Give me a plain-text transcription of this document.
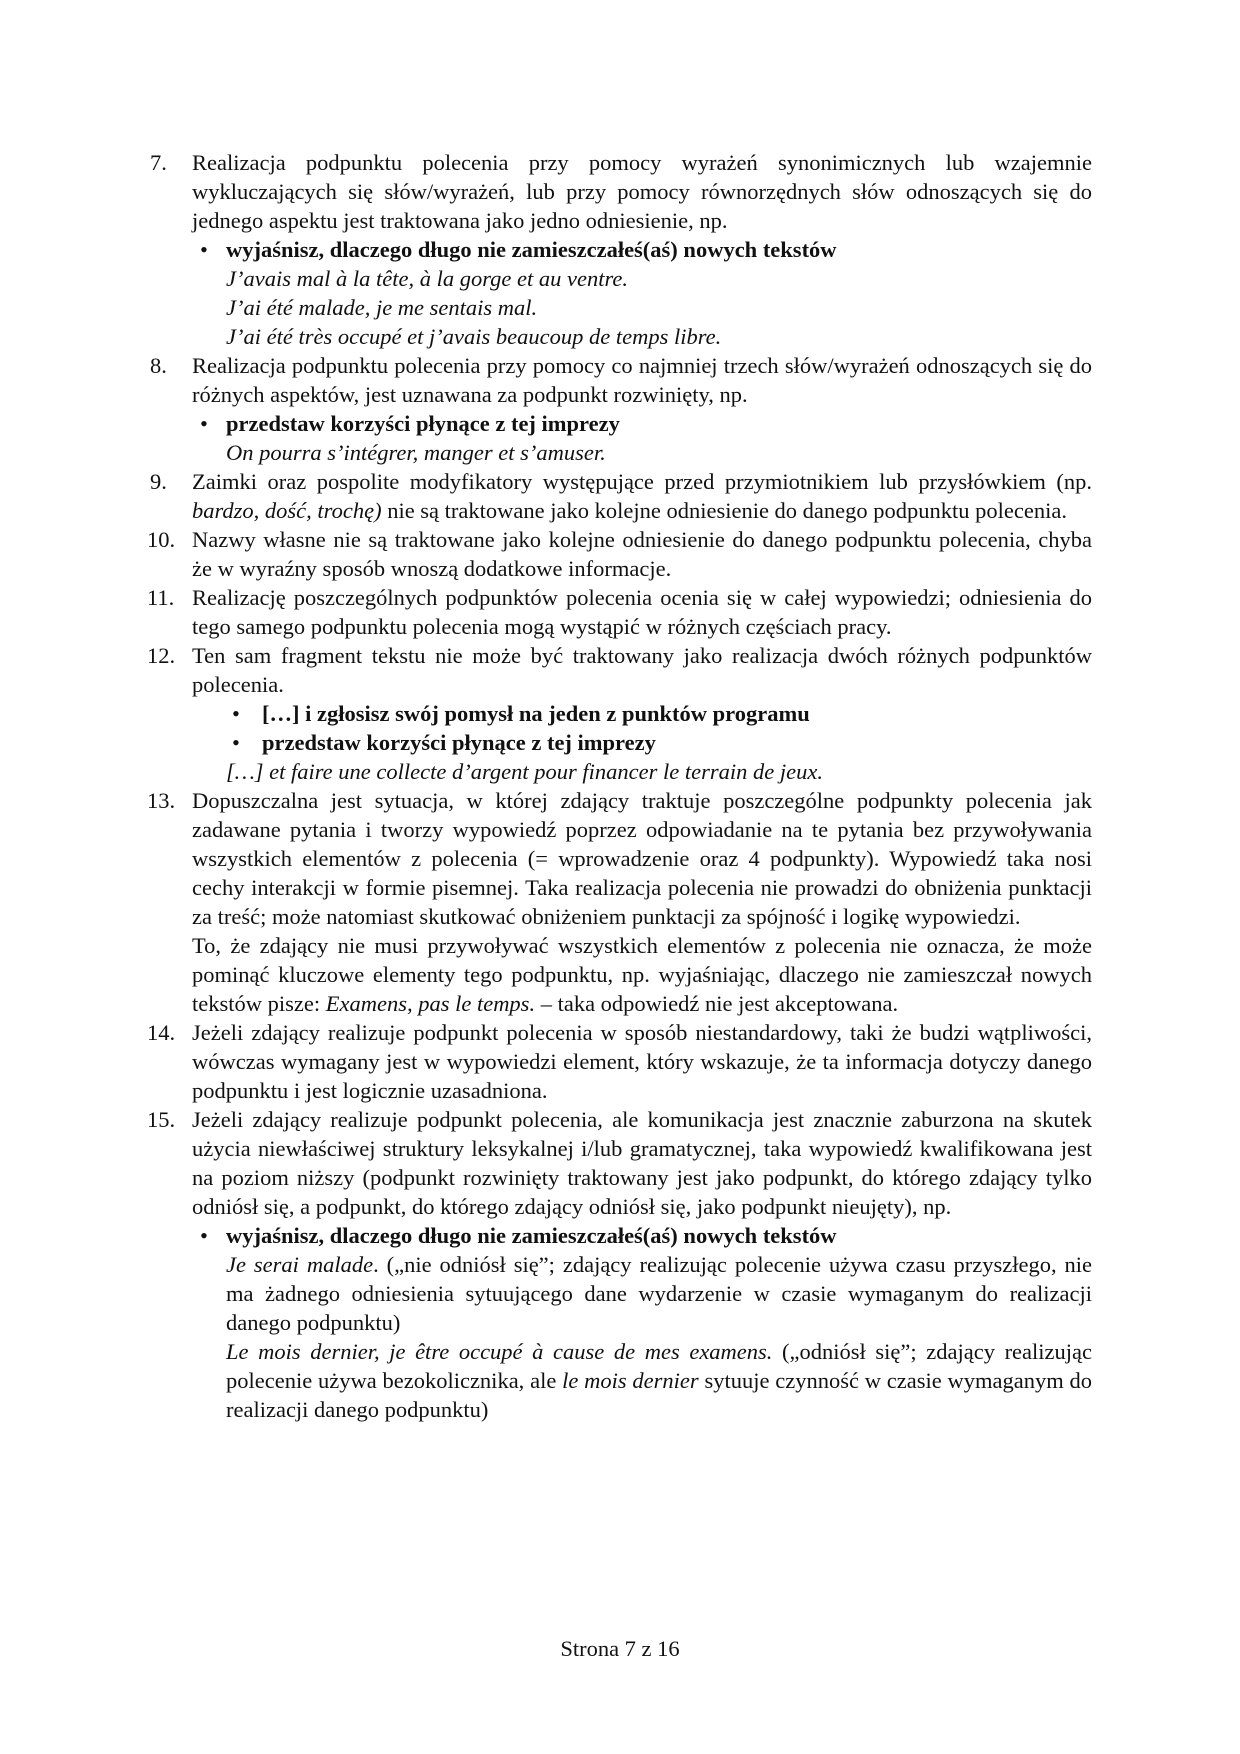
7. Realizacja podpunktu polecenia przy pomocy wyrażeń synonimicznych lub wzajemnie wykluczających się słów/wyrażeń, lub przy pomocy równorzędnych słów odnoszących się do jednego aspektu jest traktowana jako jedno odniesienie, np.
• wyjaśnisz, dlaczego długo nie zamieszczałeś(aś) nowych tekstów
J’avais mal à la tête, à la gorge et au ventre.
J’ai été malade, je me sentais mal.
J’ai été très occupé et j’avais beaucoup de temps libre.
8. Realizacja podpunktu polecenia przy pomocy co najmniej trzech słów/wyrażeń odnoszących się do różnych aspektów, jest uznawana za podpunkt rozwinięty, np.
• przedstaw korzyści płynące z tej imprezy
On pourra s’intégrer, manger et s’amuser.
9. Zaimki oraz pospolite modyfikatory występujące przed przymiotnikiem lub przysłówkiem (np. bardzo, dość, trochę) nie są traktowane jako kolejne odniesienie do danego podpunktu polecenia.
10. Nazwy własne nie są traktowane jako kolejne odniesienie do danego podpunktu polecenia, chyba że w wyraźny sposób wnoszą dodatkowe informacje.
11. Realizację poszczególnych podpunktów polecenia ocenia się w całej wypowiedzi; odniesienia do tego samego podpunktu polecenia mogą wystąpić w różnych częściach pracy.
12. Ten sam fragment tekstu nie może być traktowany jako realizacja dwóch różnych podpunktów polecenia.
• […] i zgłosisz swój pomysł na jeden z punktów programu
• przedstaw korzyści płynące z tej imprezy
[…] et faire une collecte d’argent pour financer le terrain de jeux.
13. Dopuszczalna jest sytuacja, w której zdający traktuje poszczególne podpunkty polecenia jak zadawane pytania i tworzy wypowiedź poprzez odpowiadanie na te pytania bez przywoływania wszystkich elementów z polecenia (= wprowadzenie oraz 4 podpunkty). Wypowiedź taka nosi cechy interakcji w formie pisemnej. Taka realizacja polecenia nie prowadzi do obniżenia punktacji za treść; może natomiast skutkować obniżeniem punktacji za spójność i logikę wypowiedzi.
To, że zdający nie musi przywoływać wszystkich elementów z polecenia nie oznacza, że może pominąć kluczowe elementy tego podpunktu, np. wyjaśniając, dlaczego nie zamieszczał nowych tekstów pisze: Examens, pas le temps. – taka odpowiedź nie jest akceptowana.
14. Jeżeli zdający realizuje podpunkt polecenia w sposób niestandardowy, taki że budzi wątpliwości, wówczas wymagany jest w wypowiedzi element, który wskazuje, że ta informacja dotyczy danego podpunktu i jest logicznie uzasadniona.
15. Jeżeli zdający realizuje podpunkt polecenia, ale komunikacja jest znacznie zaburzona na skutek użycia niewłaściwej struktury leksykalnej i/lub gramatycznej, taka wypowiedź kwalifikowana jest na poziom niższy (podpunkt rozwinięty traktowany jest jako podpunkt, do którego zdający tylko odniósł się, a podpunkt, do którego zdający odniósł się, jako podpunkt nieujęty), np.
• wyjaśnisz, dlaczego długo nie zamieszczałeś(aś) nowych tekstów
Je serai malade. („nie odniósł się”; zdający realizując polecenie używa czasu przyszłego, nie ma żadnego odniesienia sytuującego dane wydarzenie w czasie wymaganym do realizacji danego podpunktu)
Le mois dernier, je être occupé à cause de mes examens. („odniósł się”; zdający realizując polecenie używa bezokolicznika, ale le mois dernier sytuuje czynność w czasie wymaganym do realizacji danego podpunktu)
Strona 7 z 16
